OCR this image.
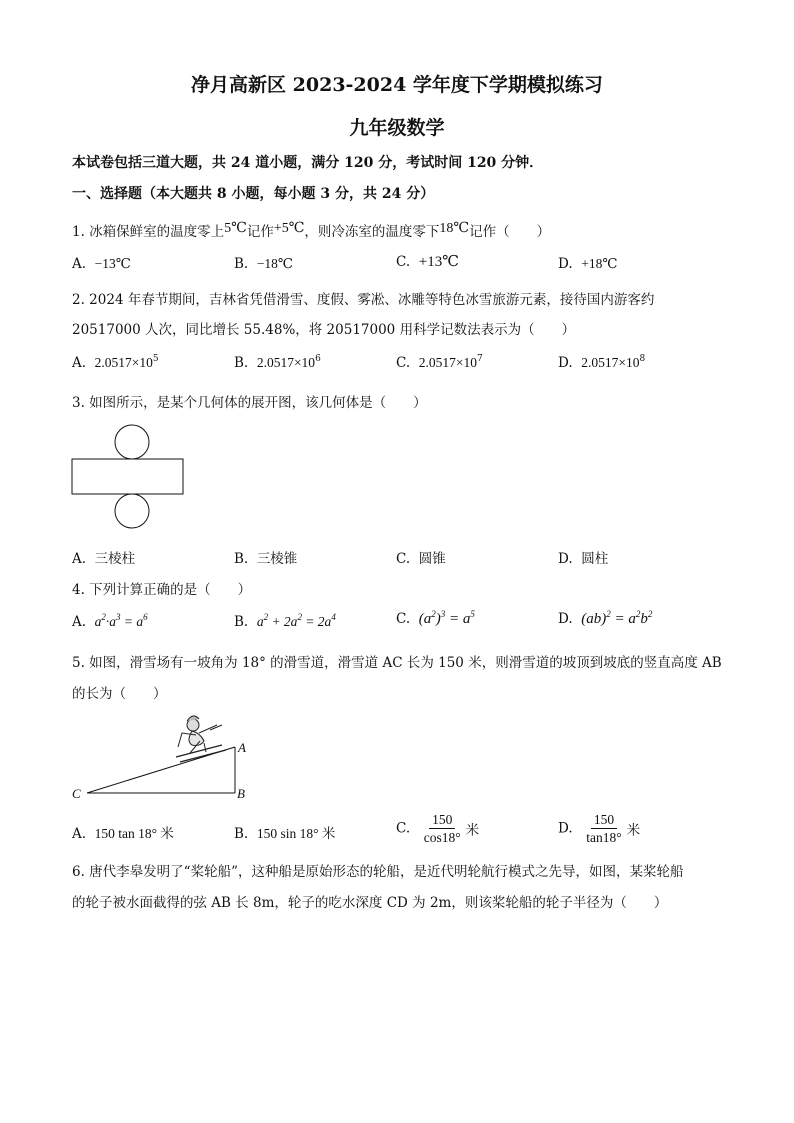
净月高新区 2023-2024 学年度下学期模拟练习
九年级数学
本试卷包括三道大题，共 24 道小题，满分 120 分，考试时间 120 分钟．
一、选择题（本大题共 8 小题，每小题 3 分，共 24 分）
1. 冰箱保鲜室的温度零上5℃记作+5℃，则冷冻室的温度零下18℃记作（　　）
A. −13℃	B. −18℃	C. +13℃	D. +18℃
2. 2024 年春节期间，吉林省凭借滑雪、度假、雾凇、冰雕等特色冰雪旅游元素，接待国内游客约
20517000 人次，同比增长 55.48%，将 20517000 用科学记数法表示为（　　）
A. $2.0517\times 10^5$	B. $2.0517\times 10^6$	C. $2.0517\times 10^7$	D. $2.0517\times 10^8$
3. 如图所示，是某个几何体的展开图，该几何体是（　　）
A. 三棱柱	B. 三棱锥	C. 圆锥	D. 圆柱
4. 下列计算正确的是（　　）
A. $a^2\cdot a^3 = a^6$	B. $a^2 + 2a^2 = 2a^4$	C. $(a^2)^3 = a^5$	D. $(ab)^2 = a^2b^2$
5. 如图，滑雪场有一坡角为 18° 的滑雪道，滑雪道 AC 长为 150 米，则滑雪道的坡顶到坡底的竖直高度 AB
的长为（　　）
A
B
C
A. 150 tan 18° 米	B. 150 sin 18° 米	C. $\frac{150}{\cos 18^\circ}$ 米	D. $\frac{150}{\tan 18^\circ}$ 米
6. 唐代李皋发明了“桨轮船”，这种船是原始形态的轮船，是近代明轮航行模式之先导，如图，某桨轮船
的轮子被水面截得的弦 AB 长 8m，轮子的吃水深度 CD 为 2m，则该桨轮船的轮子半径为（　　）
